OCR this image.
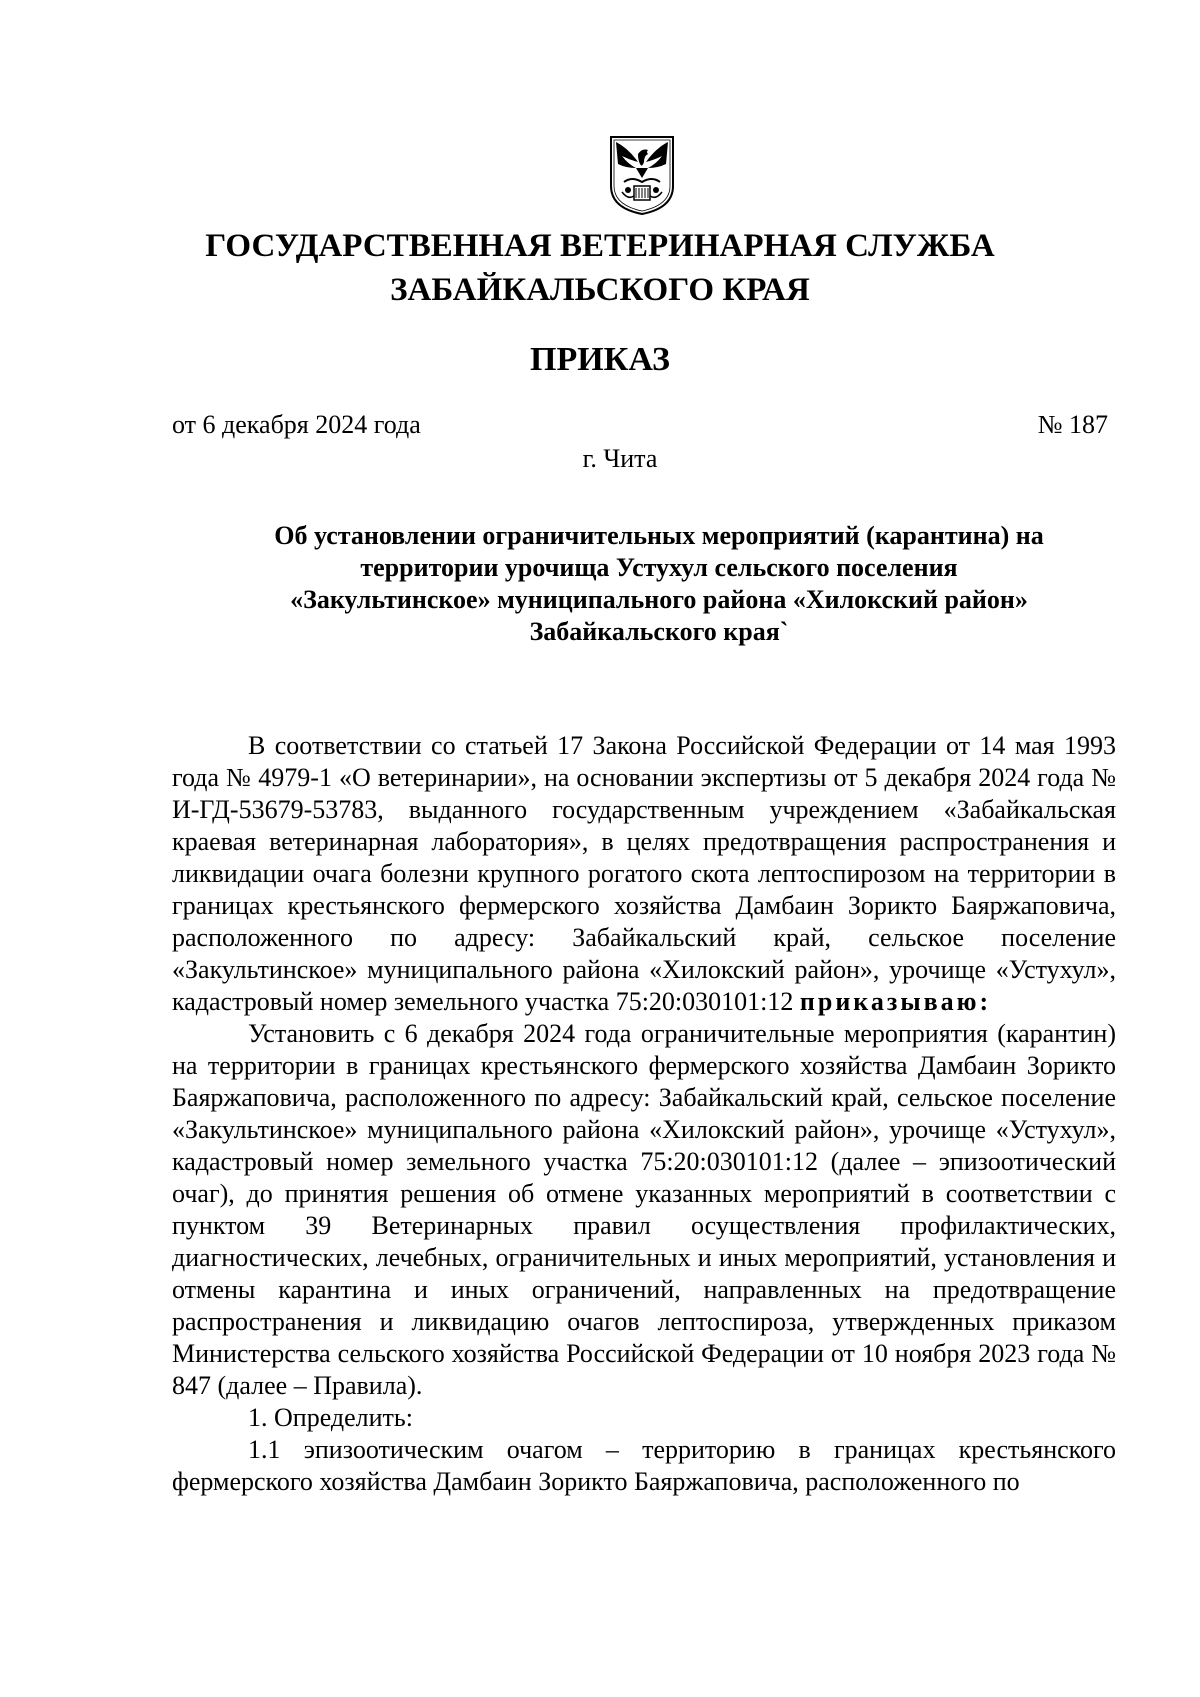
ГОСУДАРСТВЕННАЯ ВЕТЕРИНАРНАЯ СЛУЖБА
ЗАБАЙКАЛЬСКОГО КРАЯ
ПРИКАЗ
от 6 декабря 2024 года	№ 187
г. Чита
Об установлении ограничительных мероприятий (карантина) на
территории урочища Устухул сельского поселения
«Закультинское» муниципального района «Хилокский район»
Забайкальского края`

В соответствии со статьей 17 Закона Российской Федерации от 14 мая 1993 года № 4979-1 «О ветеринарии», на основании экспертизы от 5 декабря 2024 года № И-ГД-53679-53783, выданного государственным учреждением «Забайкальская краевая ветеринарная лаборатория», в целях предотвращения распространения и ликвидации очага болезни крупного рогатого скота лептоспирозом на территории в границах крестьянского фермерского хозяйства Дамбаин Зорикто Баяржаповича, расположенного по адресу: Забайкальский край, сельское поселение «Закультинское» муниципального района «Хилокский район», урочище «Устухул», кадастровый номер земельного участка 75:20:030101:12 приказываю:

Установить с 6 декабря 2024 года ограничительные мероприятия (карантин) на территории в границах крестьянского фермерского хозяйства Дамбаин Зорикто Баяржаповича, расположенного по адресу: Забайкальский край, сельское поселение «Закультинское» муниципального района «Хилокский район», урочище «Устухул», кадастровый номер земельного участка 75:20:030101:12 (далее – эпизоотический очаг), до принятия решения об отмене указанных мероприятий в соответствии с пунктом 39 Ветеринарных правил осуществления профилактических, диагностических, лечебных, ограничительных и иных мероприятий, установления и отмены карантина и иных ограничений, направленных на предотвращение распространения и ликвидацию очагов лептоспироза, утвержденных приказом Министерства сельского хозяйства Российской Федерации от 10 ноября 2023 года № 847 (далее – Правила).

1. Определить:

1.1 эпизоотическим очагом – территорию в границах крестьянского фермерского хозяйства Дамбаин Зорикто Баяржаповича, расположенного по
